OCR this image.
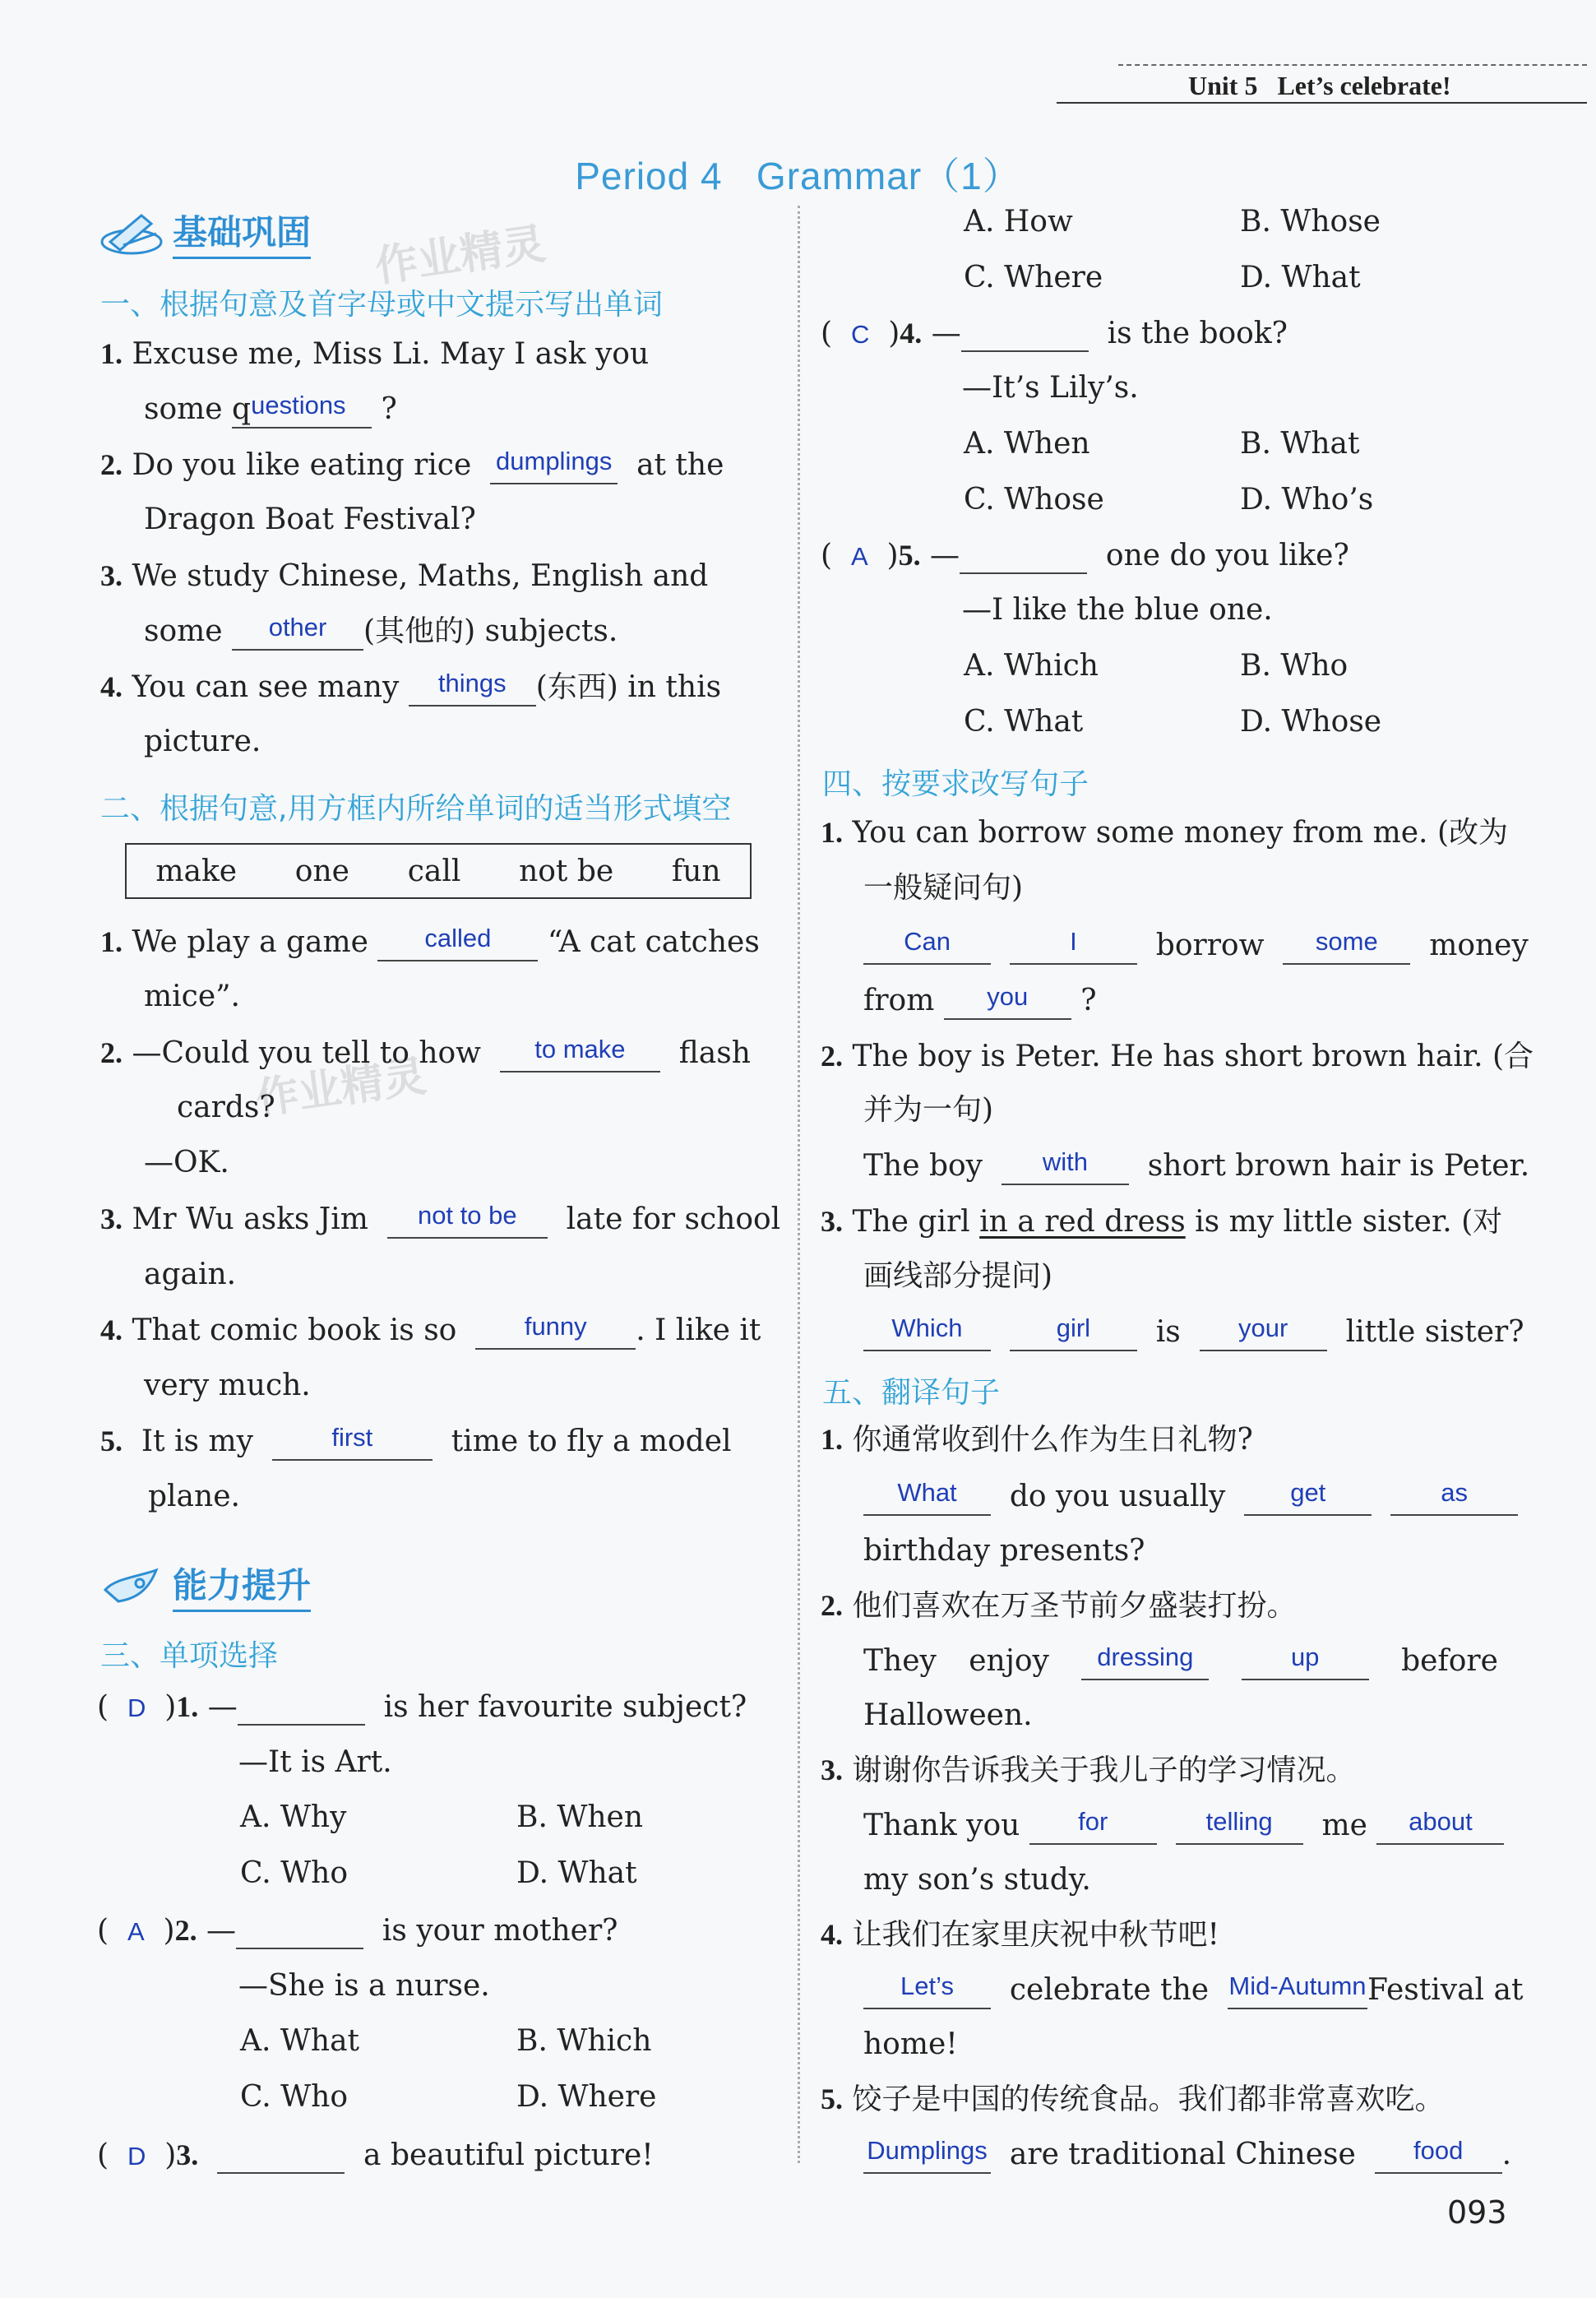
Unit 5 Let’s celebrate!
Period 4 Grammar（1）
作业精灵
作业精灵
基础巩固
一、根据句意及首字母或中文提示写出单词
1. Excuse me, Miss Li. May I ask you
some questions ?
2. Do you like eating rice dumplings at the
Dragon Boat Festival?
3. We study Chinese, Maths, English and
some other (其他的) subjects.
4. You can see many things (东西) in this
picture.
二、根据句意,用方框内所给单词的适当形式填空
make one call not be fun
1. We play a game called “A cat catches
mice”.
2. —Could you tell to how to make flash
cards?
—OK.
3. Mr Wu asks Jim not to be late for school
again.
4. That comic book is so	funny . I like it
very much.
5. It is my	first	time to fly a model
plane.
能力提升
三、单项选择
(  D  )1. —	is her favourite subject?
—It is Art.
A. Why	B. When
C. Who	D. What
(  A  )2. —	is your mother?
—She is a nurse.
A. What	B. Which
C. Who	D. Where
(  D  )3.	a beautiful picture!
A. How	B. Whose
C. Where	D. What
(  C  )4. —	is the book?
—It’s Lily’s.
A. When	B. What
C. Whose	D. Who’s
(  A  )5. —	one do you like?
—I like the blue one.
A. Which	B. Who
C. What	D. Whose
四、按要求改写句子
1. You can borrow some money from me. (改为
一般疑问句)
Can	I	borrow some money
from you ?
2. The boy is Peter. He has short brown hair. (合
并为一句)
The boy with short brown hair is Peter.
3. The girl in a red dress is my little sister. (对
画线部分提问)
Which	girl is your little sister?
五、翻译句子
1. 你通常收到什么作为生日礼物?
What do you usually	get	as
birthday presents?
2. 他们喜欢在万圣节前夕盛装打扮。
They enjoy	dressing	up	before
Halloween.
3. 谢谢你告诉我关于我儿子的学习情况。
Thank you for	telling me about
my son’s study.
4. 让我们在家里庆祝中秋节吧!
Let’s celebrate the Mid-AutumnFestival at
home!
5. 饺子是中国的传统食品。我们都非常喜欢吃。
Dumplings are traditional Chinese food .
093
